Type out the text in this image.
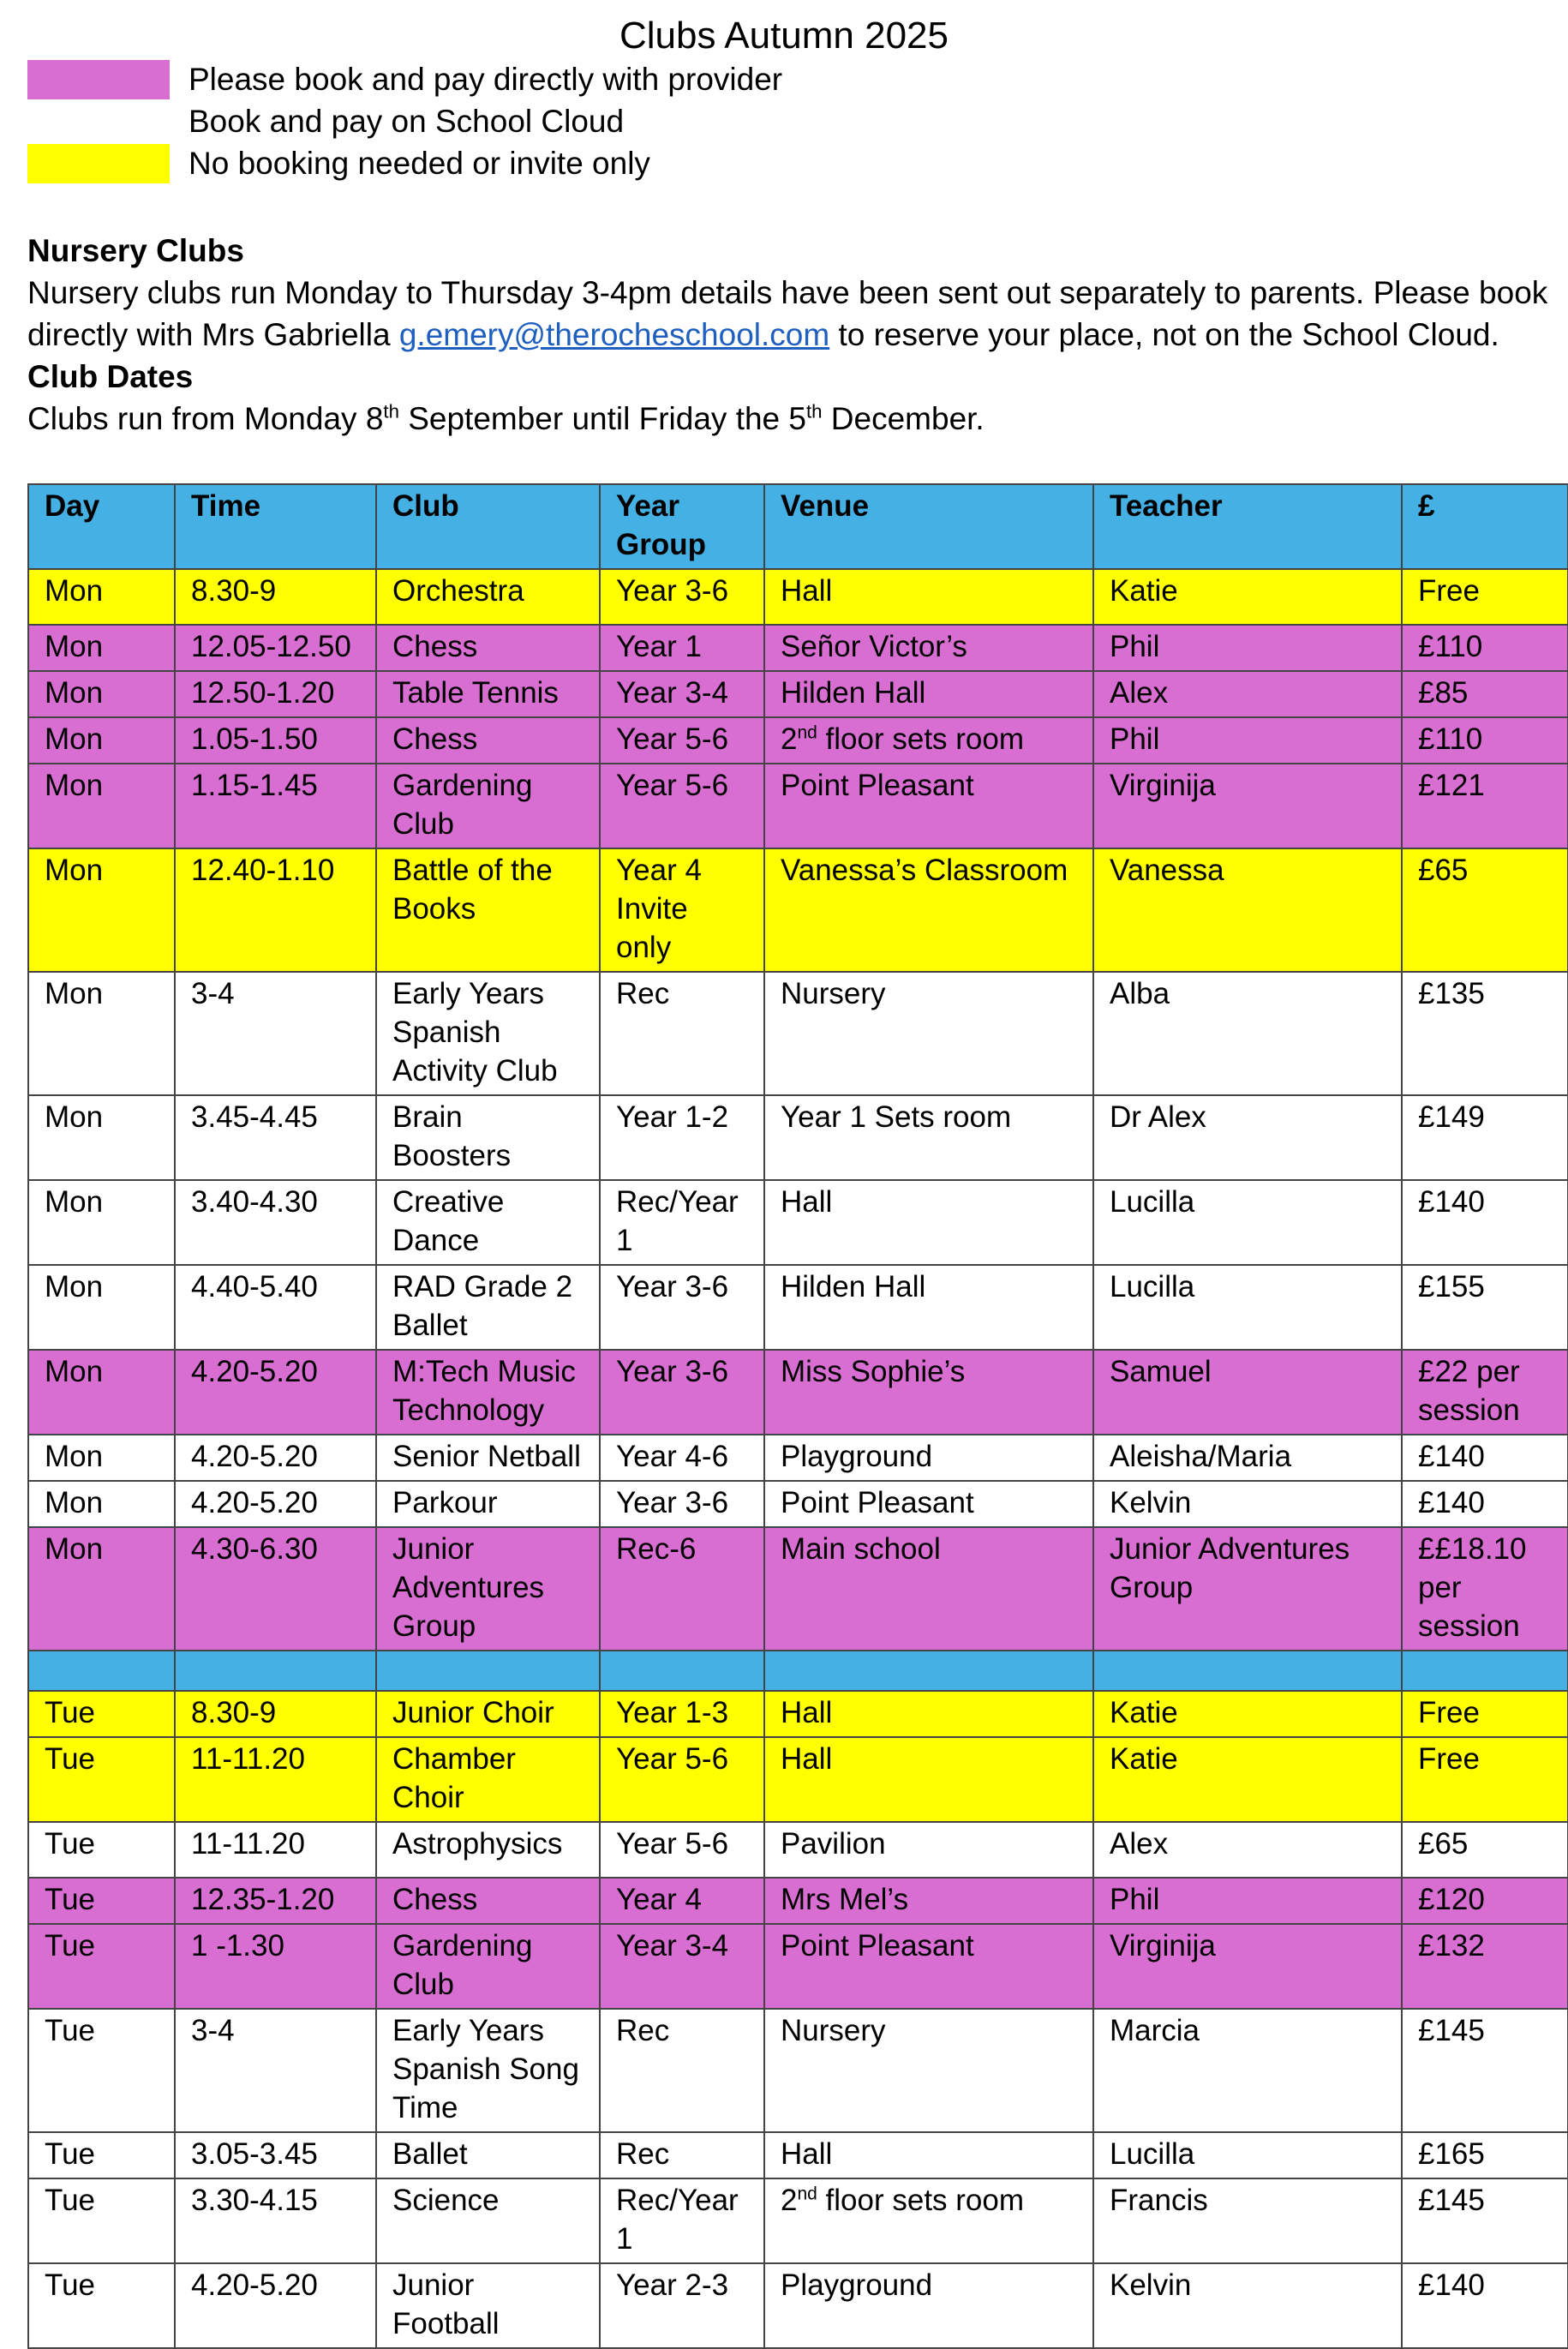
Clubs Autumn 2025
Please book and pay directly with provider
Book and pay on School Cloud
No booking needed or invite only

Nursery Clubs

Nursery clubs run Monday to Thursday 3-4pm details have been sent out separately to parents. Please book directly with Mrs Gabriella g.emery@therocheschool.com to reserve your place, not on the School Cloud.

Club Dates

Clubs run from Monday 8th September until Friday the 5th December.

Day	Time	Club	Year Group	Venue	Teacher	£
Mon	8.30-9	Orchestra	Year 3-6	Hall	Katie	Free
Mon	12.05-12.50	Chess	Year 1	Señor Victor’s	Phil	£110
Mon	12.50-1.20	Table Tennis	Year 3-4	Hilden Hall	Alex	£85
Mon	1.05-1.50	Chess	Year 5-6	2nd floor sets room	Phil	£110
Mon	1.15-1.45	Gardening Club	Year 5-6	Point Pleasant	Virginija	£121
Mon	12.40-1.10	Battle of the Books	Year 4 Invite only	Vanessa’s Classroom	Vanessa	£65
Mon	3-4	Early Years Spanish Activity Club	Rec	Nursery	Alba	£135
Mon	3.45-4.45	Brain Boosters	Year 1-2	Year 1 Sets room	Dr Alex	£149
Mon	3.40-4.30	Creative Dance	Rec/Year 1	Hall	Lucilla	£140
Mon	4.40-5.40	RAD Grade 2 Ballet	Year 3-6	Hilden Hall	Lucilla	£155
Mon	4.20-5.20	M:Tech Music Technology	Year 3-6	Miss Sophie’s	Samuel	£22 per session
Mon	4.20-5.20	Senior Netball	Year 4-6	Playground	Aleisha/Maria	£140
Mon	4.20-5.20	Parkour	Year 3-6	Point Pleasant	Kelvin	£140
Mon	4.30-6.30	Junior Adventures Group	Rec-6	Main school	Junior Adventures Group	££18.10 per session

Tue	8.30-9	Junior Choir	Year 1-3	Hall	Katie	Free
Tue	11-11.20	Chamber Choir	Year 5-6	Hall	Katie	Free
Tue	11-11.20	Astrophysics	Year 5-6	Pavilion	Alex	£65
Tue	12.35-1.20	Chess	Year 4	Mrs Mel’s	Phil	£120
Tue	1 -1.30	Gardening Club	Year 3-4	Point Pleasant	Virginija	£132
Tue	3-4	Early Years Spanish Song Time	Rec	Nursery	Marcia	£145
Tue	3.05-3.45	Ballet	Rec	Hall	Lucilla	£165
Tue	3.30-4.15	Science	Rec/Year 1	2nd floor sets room	Francis	£145
Tue	4.20-5.20	Junior Football	Year 2-3	Playground	Kelvin	£140
